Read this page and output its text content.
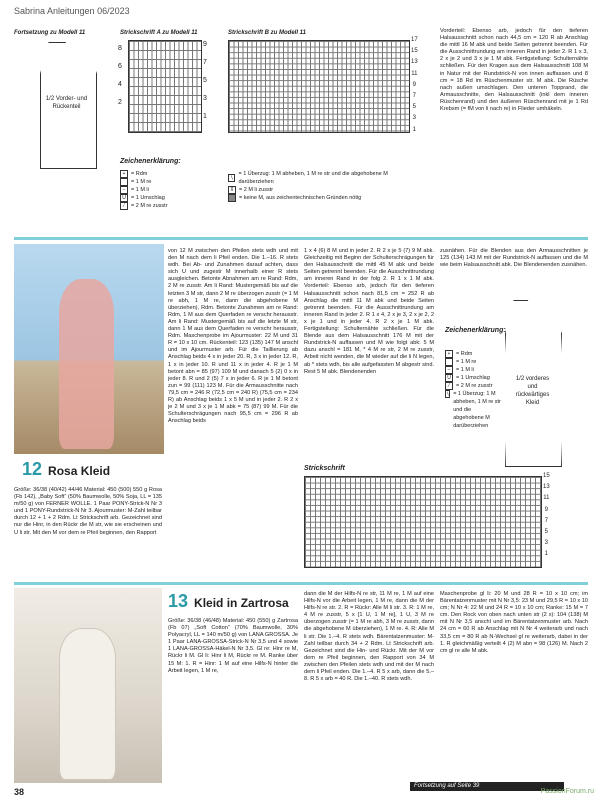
Sabrina Anleitungen 06/2023
Fortsetzung zu Modell 11
1/2 Vorder- und Rückenteil
Strickschrift A zu Modell 11
8

6

4

2
9

7

5

3

1
Strickschrift B zu Modell 11
17

15

13

11

9

7

5

3

1
Zeichenerklärung:
+	= Rdm
= 1 M re
−	= 1 M li
U = 1 Umschlag
⁄	= 2 M re zusstr
∖
= 1 Überzug: 1 M abheben, 1 M re str und die abgehobene M darüberziehen
⊼ = 2 M li zusstr
= keine M, aus zeichentechnischen Gründen nötig
Vorderteil: Ebenso arb, jedoch für den tieferen Halsausschnitt schon nach 44,5 cm = 120 R ab Anschlag die mittl 16 M abk und beide Seiten getrennt beenden. Für die Ausschnittrundung am inneren Rand in jeder 2. R 1 x 3, 2 x je 2 und 3 x je 1 M abk. Fertigstellung: Schulternähte schließen. Für den Kragen aus dem Halsausschnitt 108 M in Natur mit der Rundstrick-N von innen auffassen und 8 cm = 18 Rd im Rüschenmuster str. M abk. Die Rüsche nach außen umschlagen. Den unteren Topprand, die Armausschnitte, den Halsausschnitt (inkl dem inneren Rüschenrand) und den äußeren Rüschenrand mit je 1 Rd Krebsm (= fM von li nach re) in Flieder umhäkeln.
12 Rosa Kleid
Größe: 36/38 (40/42) 44/46 Material: 450 (500) 550 g Rosa (Fb 142), „Baby Soft“ (50% Baumwolle, 50% Soja, LL = 135 m/50 g) von FERNER WOLLE. 1 Paar PONY-Strick-N Nr 3 und 1 PONY-Rundstrick-N Nr 3. Ajourmuster: M-Zahl teilbar durch 12 + 1 + 2 Rdm. Lt Strickschrift arb. Gezeichnet sind nur die Hinr, in den Rückr die M str, wie sie erscheinen und U li str. Mit den M vor dem re Pfeil beginnen, den Rapport
von 12 M zwischen den Pfeilen stets wdh und mit den M nach dem li Pfeil enden. Die 1.–16. R stets wdh. Bei Ab- und Zunahmen darauf achten, dass sich U und zugestr M innerhalb einer R stets ausgleichen. Betonte Abnahmen am re Rand: Rdm, 2 M re zusstr. Am li Rand: Mustergemäß bis auf die letzten 3 M str, dann 2 M re überzogen zusstr (= 1 M re abh, 1 M re, dann die abgehobene M überziehen), Rdm. Betonte Zunahmen am re Rand: Rdm, 1 M aus dem Querfaden re verschr herausstr. Am li Rand: Mustergemäß bis auf die letzte M str, dann 1 M aus dem Querfaden re verschr herausstr, Rdm. Maschenprobe im Ajourmuster: 22 M und 31 R = 10 x 10 cm. Rückenteil: 123 (135) 147 M anschl und im Ajourmuster arb. Für die Taillierung ab Anschlag beids 4 x in jeder 20. R, 3 x in jeder 12. R, 1 x in jeder 10. R und 11 x in jeder 4. R je 1 M betont abn = 85 (97) 109 M und danach 5 (2) 0 x in jeder 8. R und 2 (5) 7 x in jeder 6. R je 1 M betont zun = 99 (111) 123 M. Für die Armausschnitte nach 79,5 cm = 246 R (72,5 cm = 240 R) (75,5 cm = 234 R) ab Anschlag beids 1 x 5 M und in jeder 2. R 2 x je 2 M und 3 x je 1 M abk = 75 (87) 99 M. Für die Schulterschrägungen nach 95,5 cm = 296 R ab Anschlag beids
1 x 4 (6) 8 M und in jeder 2. R 2 x je 5 (7) 9 M abk. Gleichzeitig mit Beginn der Schulterschrägungen für den Halsausschnitt die mittl 45 M abk und beide Seiten getrennt beenden. Für die Ausschnittrundung am inneren Rand in der folg 2. R 1 x 1 M abk. Vorderteil: Ebenso arb, jedoch für den tieferen Halsausschnitt schon nach 81,5 cm = 252 R ab Anschlag die mittl 11 M abk und beide Seiten getrennt beenden. Für die Ausschnittrundung am inneren Rand in jeder 2. R 1 x 4, 2 x je 3, 2 x je 2, 2 x je 1 und in jeder 4. R 2 x je 1 M abk. Fertigstellung: Schulternähte schließen. Für die Blende aus dem Halsausschnitt 176 M mit der Rundstrick-N auffassen und M wie folgt abk: 5 M dazu anschl = 181 M, * 4 M re str, 2 M re zusstr, Arbeit nicht wenden, die M wieder auf die li N legen, ab * stets wdh, bis alle aufgefassten M abgestr sind. Rest 5 M abk. Blendenenden
zusnähen. Für die Blenden aus den Armausschnitten je 125 (134) 143 M mit der Rundstrick-N auffassen und die M wie beim Halsausschnitt abk. Die Blendenenden zusnähen.
Zeichenerklärung:
+	= Rdm
= 1 M re
−	= 1 M li
U = 1 Umschlag
⁄	= 2 M re zusstr
∖ = 1 Überzug: 1 M abheben, 1 M re str und die abgehobene M darüberziehen
1/2 vorderes und rückwärtiges Kleid
Strickschrift
15

13

11

9

7

5

3

1
13 Kleid in Zartrosa
Größe: 36/38 (46/48) Material: 450 (550) g Zartrosa (Fb 07) „Soft Cotton“ (70% Baumwolle, 30% Polyacryl, LL = 140 m/50 g) von LANA GROSSA. Je 1 Paar LANA-GROSSA-Strick-N Nr 3,5 und 4 sowie 1 LANA-GROSSA-Häkel-N Nr 3,5. Gl re: Hinr re M, Rückr li M. Gl li: Hinr li M, Rückr re M. Ranke über 15 M: 1. R = Hinr: 1 M auf eine Hilfs-N hinter die Arbeit legen, 1 M re,
dann die M der Hilfs-N re str, 11 M re, 1 M auf eine Hilfs-N vor die Arbeit legen, 1 M re, dann die M der Hilfs-N re str. 2. R = Rückr: Alle M li str. 3. R: 1 M re, 4 M re zusstr, 5 x [1 U, 1 M re], 1 U, 3 M re überzogen zusstr (= 1 M re abh, 3 M re zusstr, dann die abgehobene M überziehen), 1 M re. 4. R: Alle M li str. Die 1.–4. R stets wdh. Bärentatzenmuster: M-Zahl teilbar durch 34 + 2 Rdm. Lt Strickschrift arb. Gezeichnet sind die Hin- und Rückr. Mit der M vor dem re Pfeil beginnen, den Rapport von 34 M zwischen den Pfeilen stets wdh und mit der M nach dem li Pfeil enden. Die 1.–4. R 5 x arb, dann die 5.–8. R 5 x arb = 40 R. Die 1.–40. R stets wdh.
Maschenprobe gl li: 20 M und 28 R = 10 x 10 cm; im Bärentatzenmuster mit N Nr 3,5: 23 M und 29,5 R = 10 x 10 cm; N Nr 4: 22 M und 24 R = 10 x 10 cm; Ranke: 15 M = 7 cm. Den Rock von oben nach unten str (2 x): 104 (138) M mit N Nr 3,5 anschl und im Bärentatzenmuster arb. Nach 24 cm = 60 R ab Anschlag mit N Nr 4 weiterarb und nach 33,5 cm = 80 R ab N-Wechsel gl re weiterarb, dabei in der 1. R gleichmäßig verteilt 4 (2) M abn = 98 (126) M. Nach 2 cm gl re alle M abk.
38
Fortsetzung auf Seite 39
PassionForum.ru
